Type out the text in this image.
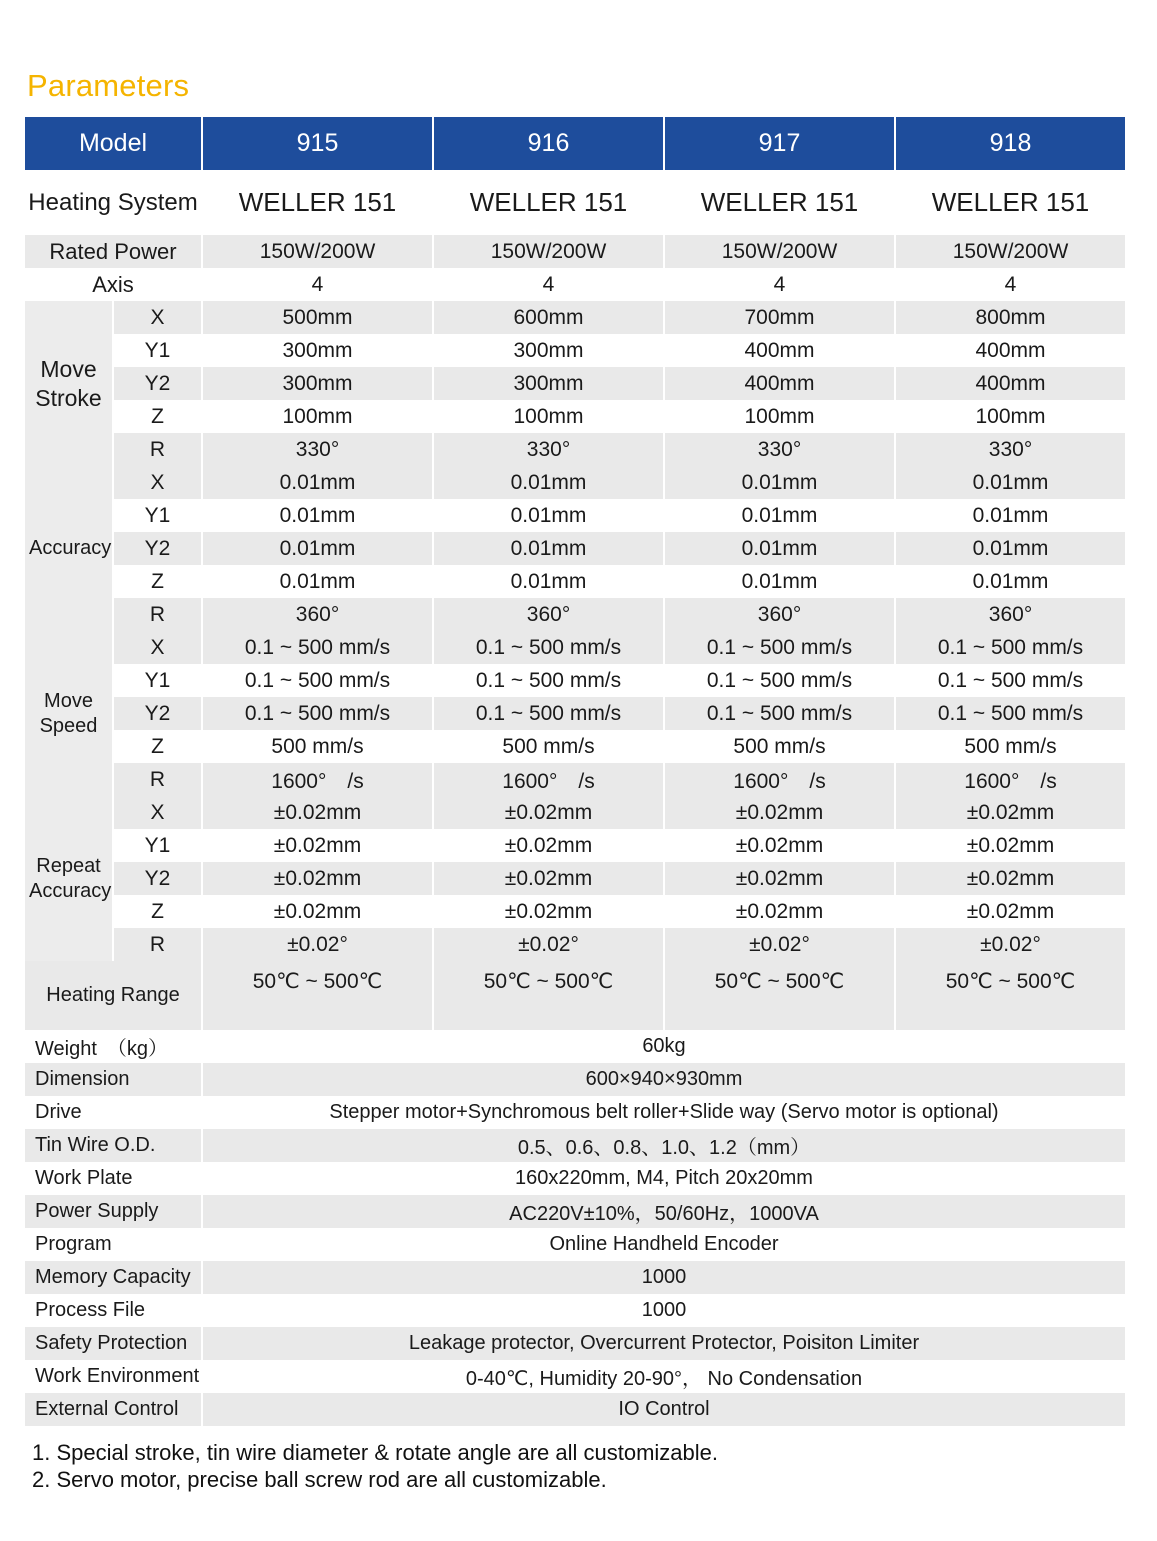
Parameters
Model		915	916	917	918
Heating System		WELLER 151	WELLER 151	WELLER 151	WELLER 151
Rated Power		150W/200W	150W/200W	150W/200W	150W/200W
Axis		4	4	4	4
Move Stroke	X	500mm	600mm	700mm	800mm
	Y1	300mm	300mm	400mm	400mm
	Y2	300mm	300mm	400mm	400mm
	Z	100mm	100mm	100mm	100mm
	R	330°	330°	330°	330°
Accuracy	X	0.01mm	0.01mm	0.01mm	0.01mm
	Y1	0.01mm	0.01mm	0.01mm	0.01mm
	Y2	0.01mm	0.01mm	0.01mm	0.01mm
	Z	0.01mm	0.01mm	0.01mm	0.01mm
	R	360°	360°	360°	360°
Move Speed	X	0.1 ~ 500 mm/s	0.1 ~ 500 mm/s	0.1 ~ 500 mm/s	0.1 ~ 500 mm/s
	Y1	0.1 ~ 500 mm/s	0.1 ~ 500 mm/s	0.1 ~ 500 mm/s	0.1 ~ 500 mm/s
	Y2	0.1 ~ 500 mm/s	0.1 ~ 500 mm/s	0.1 ~ 500 mm/s	0.1 ~ 500 mm/s
	Z	500 mm/s	500 mm/s	500 mm/s	500 mm/s
	R	1600°　/s	1600°　/s	1600°　/s	1600°　/s
Repeat Accuracy	X	±0.02mm	±0.02mm	±0.02mm	±0.02mm
	Y1	±0.02mm	±0.02mm	±0.02mm	±0.02mm
	Y2	±0.02mm	±0.02mm	±0.02mm	±0.02mm
	Z	±0.02mm	±0.02mm	±0.02mm	±0.02mm
	R	±0.02°	±0.02°	±0.02°	±0.02°
Heating Range		50℃ ~ 500℃	50℃ ~ 500℃	50℃ ~ 500℃	50℃ ~ 500℃
Weight　（kg）		60kg			
Dimension		600×940×930mm			
Drive		Stepper motor+Synchromous belt roller+Slide way (Servo motor is optional)			
Tin Wire O.D.		0.5、0.6、0.8、1.0、1.2（mm）			
Work Plate		160x220mm, M4, Pitch 20x20mm			
Power Supply		AC220V±10%，50/60Hz，1000VA			
Program		Online Handheld Encoder			
Memory Capacity		1000			
Process File		1000			
Safety Protection		Leakage protector, Overcurrent Protector, Poisiton Limiter			
Work Environment		0-40℃, Humidity 20-90°， No Condensation			
External Control		IO Control			
1. Special stroke, tin wire diameter & rotate angle are all customizable.
2. Servo motor, precise ball screw rod are all customizable.
